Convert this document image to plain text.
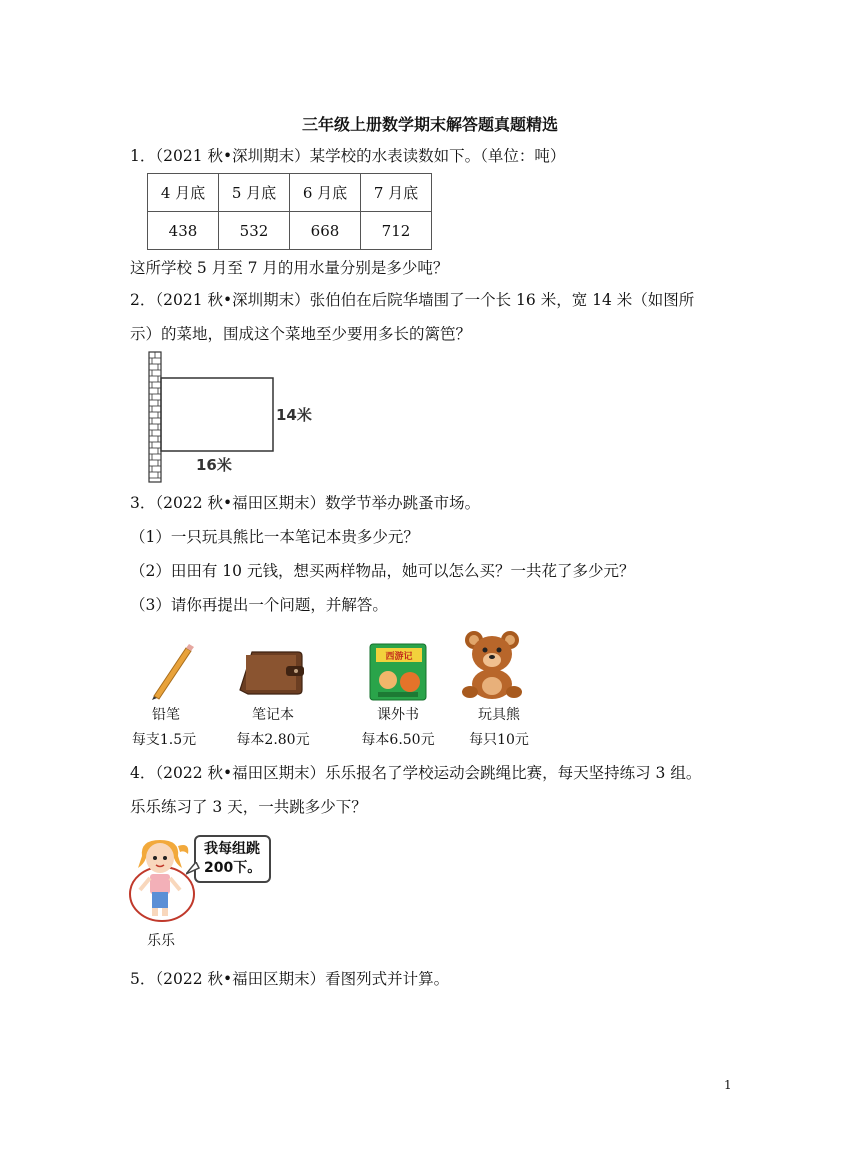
三年级上册数学期末解答题真题精选
1．（2021 秋•深圳期末）某学校的水表读数如下。（单位：吨）
4 月底	5 月底	6 月底	7 月底
438	532	668	712
这所学校 5 月至 7 月的用水量分别是多少吨？
2．（2021 秋•深圳期末）张伯伯在后院华墙围了一个长 16 米，宽 14 米（如图所
示）的菜地，围成这个菜地至少要用多长的篱笆？
14米
16米
3．（2022 秋•福田区期末）数学节举办跳蚤市场。
（1）一只玩具熊比一本笔记本贵多少元？
（2）田田有 10 元钱，想买两样物品，她可以怎么买？一共花了多少元？
（3）请你再提出一个问题，并解答。
西游记
铅笔	笔记本	课外书	玩具熊
每支1.5元	每本2.80元	每本6.50元	每只10元
4．（2022 秋•福田区期末）乐乐报名了学校运动会跳绳比赛，每天坚持练习 3 组。
乐乐练习了 3 天，一共跳多少下？
我每组跳
200下。
乐乐
5．（2022 秋•福田区期末）看图列式并计算。
1
